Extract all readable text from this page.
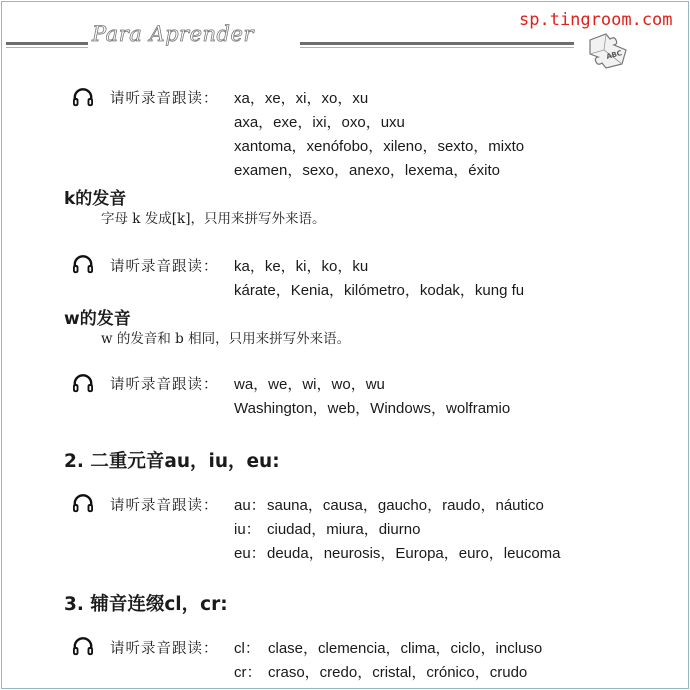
Para Aprender
sp.tingroom.com
ABC
请听录音跟读： xa，xe，xi，xo，xu
axa，exe，ixi，oxo，uxu
xantoma，xenófobo，xileno，sexto，mixto
examen，sexo，anexo，lexema，éxito
k的发音
字母 k 发成[k]，只用来拼写外来语。
请听录音跟读： ka，ke，ki，ko，ku
kárate，Kenia，kilómetro，kodak，kung fu
w的发音
w 的发音和 b 相同，只用来拼写外来语。
请听录音跟读： wa，we，wi，wo，wu
Washington，web，Windows，wolframio
2. 二重元音au，iu，eu:
请听录音跟读： au：sauna，causa，gaucho，raudo，náutico
iu： ciudad，miura，diurno
eu：deuda，neurosis，Europa，euro，leucoma
3. 辅音连缀cl，cr:
请听录音跟读： cl： clase，clemencia，clima，ciclo，incluso
cr： craso，credo，cristal，crónico，crudo
